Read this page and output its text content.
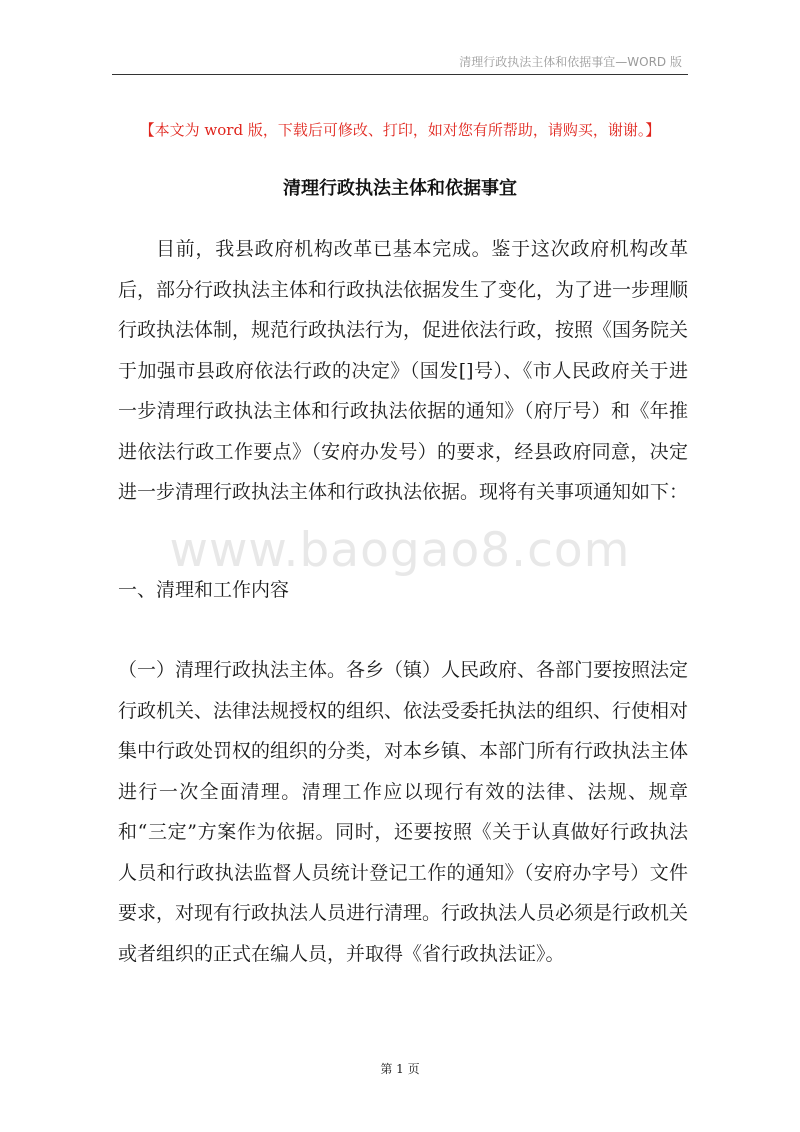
清理行政执法主体和依据事宜—WORD 版
【本文为 word 版，下载后可修改、打印，如对您有所帮助，请购买，谢谢。】
清理行政执法主体和依据事宜

目前，我县政府机构改革已基本完成。鉴于这次政府机构改革后，部分行政执法主体和行政执法依据发生了变化，为了进一步理顺行政执法体制，规范行政执法行为，促进依法行政，按照《国务院关于加强市县政府依法行政的决定》（国发[]号）、《市人民政府关于进一步清理行政执法主体和行政执法依据的通知》（府厅号）和《年推进依法行政工作要点》（安府办发号）的要求，经县政府同意，决定进一步清理行政执法主体和行政执法依据。现将有关事项通知如下：

www.baogao8.com
一、清理和工作内容

（一）清理行政执法主体。各乡（镇）人民政府、各部门要按照法定行政机关、法律法规授权的组织、依法受委托执法的组织、行使相对集中行政处罚权的组织的分类，对本乡镇、本部门所有行政执法主体进行一次全面清理。清理工作应以现行有效的法律、法规、规章和“三定”方案作为依据。同时，还要按照《关于认真做好行政执法人员和行政执法监督人员统计登记工作的通知》（安府办字号）文件要求，对现有行政执法人员进行清理。行政执法人员必须是行政机关或者组织的正式在编人员，并取得《省行政执法证》。

第 1 页
